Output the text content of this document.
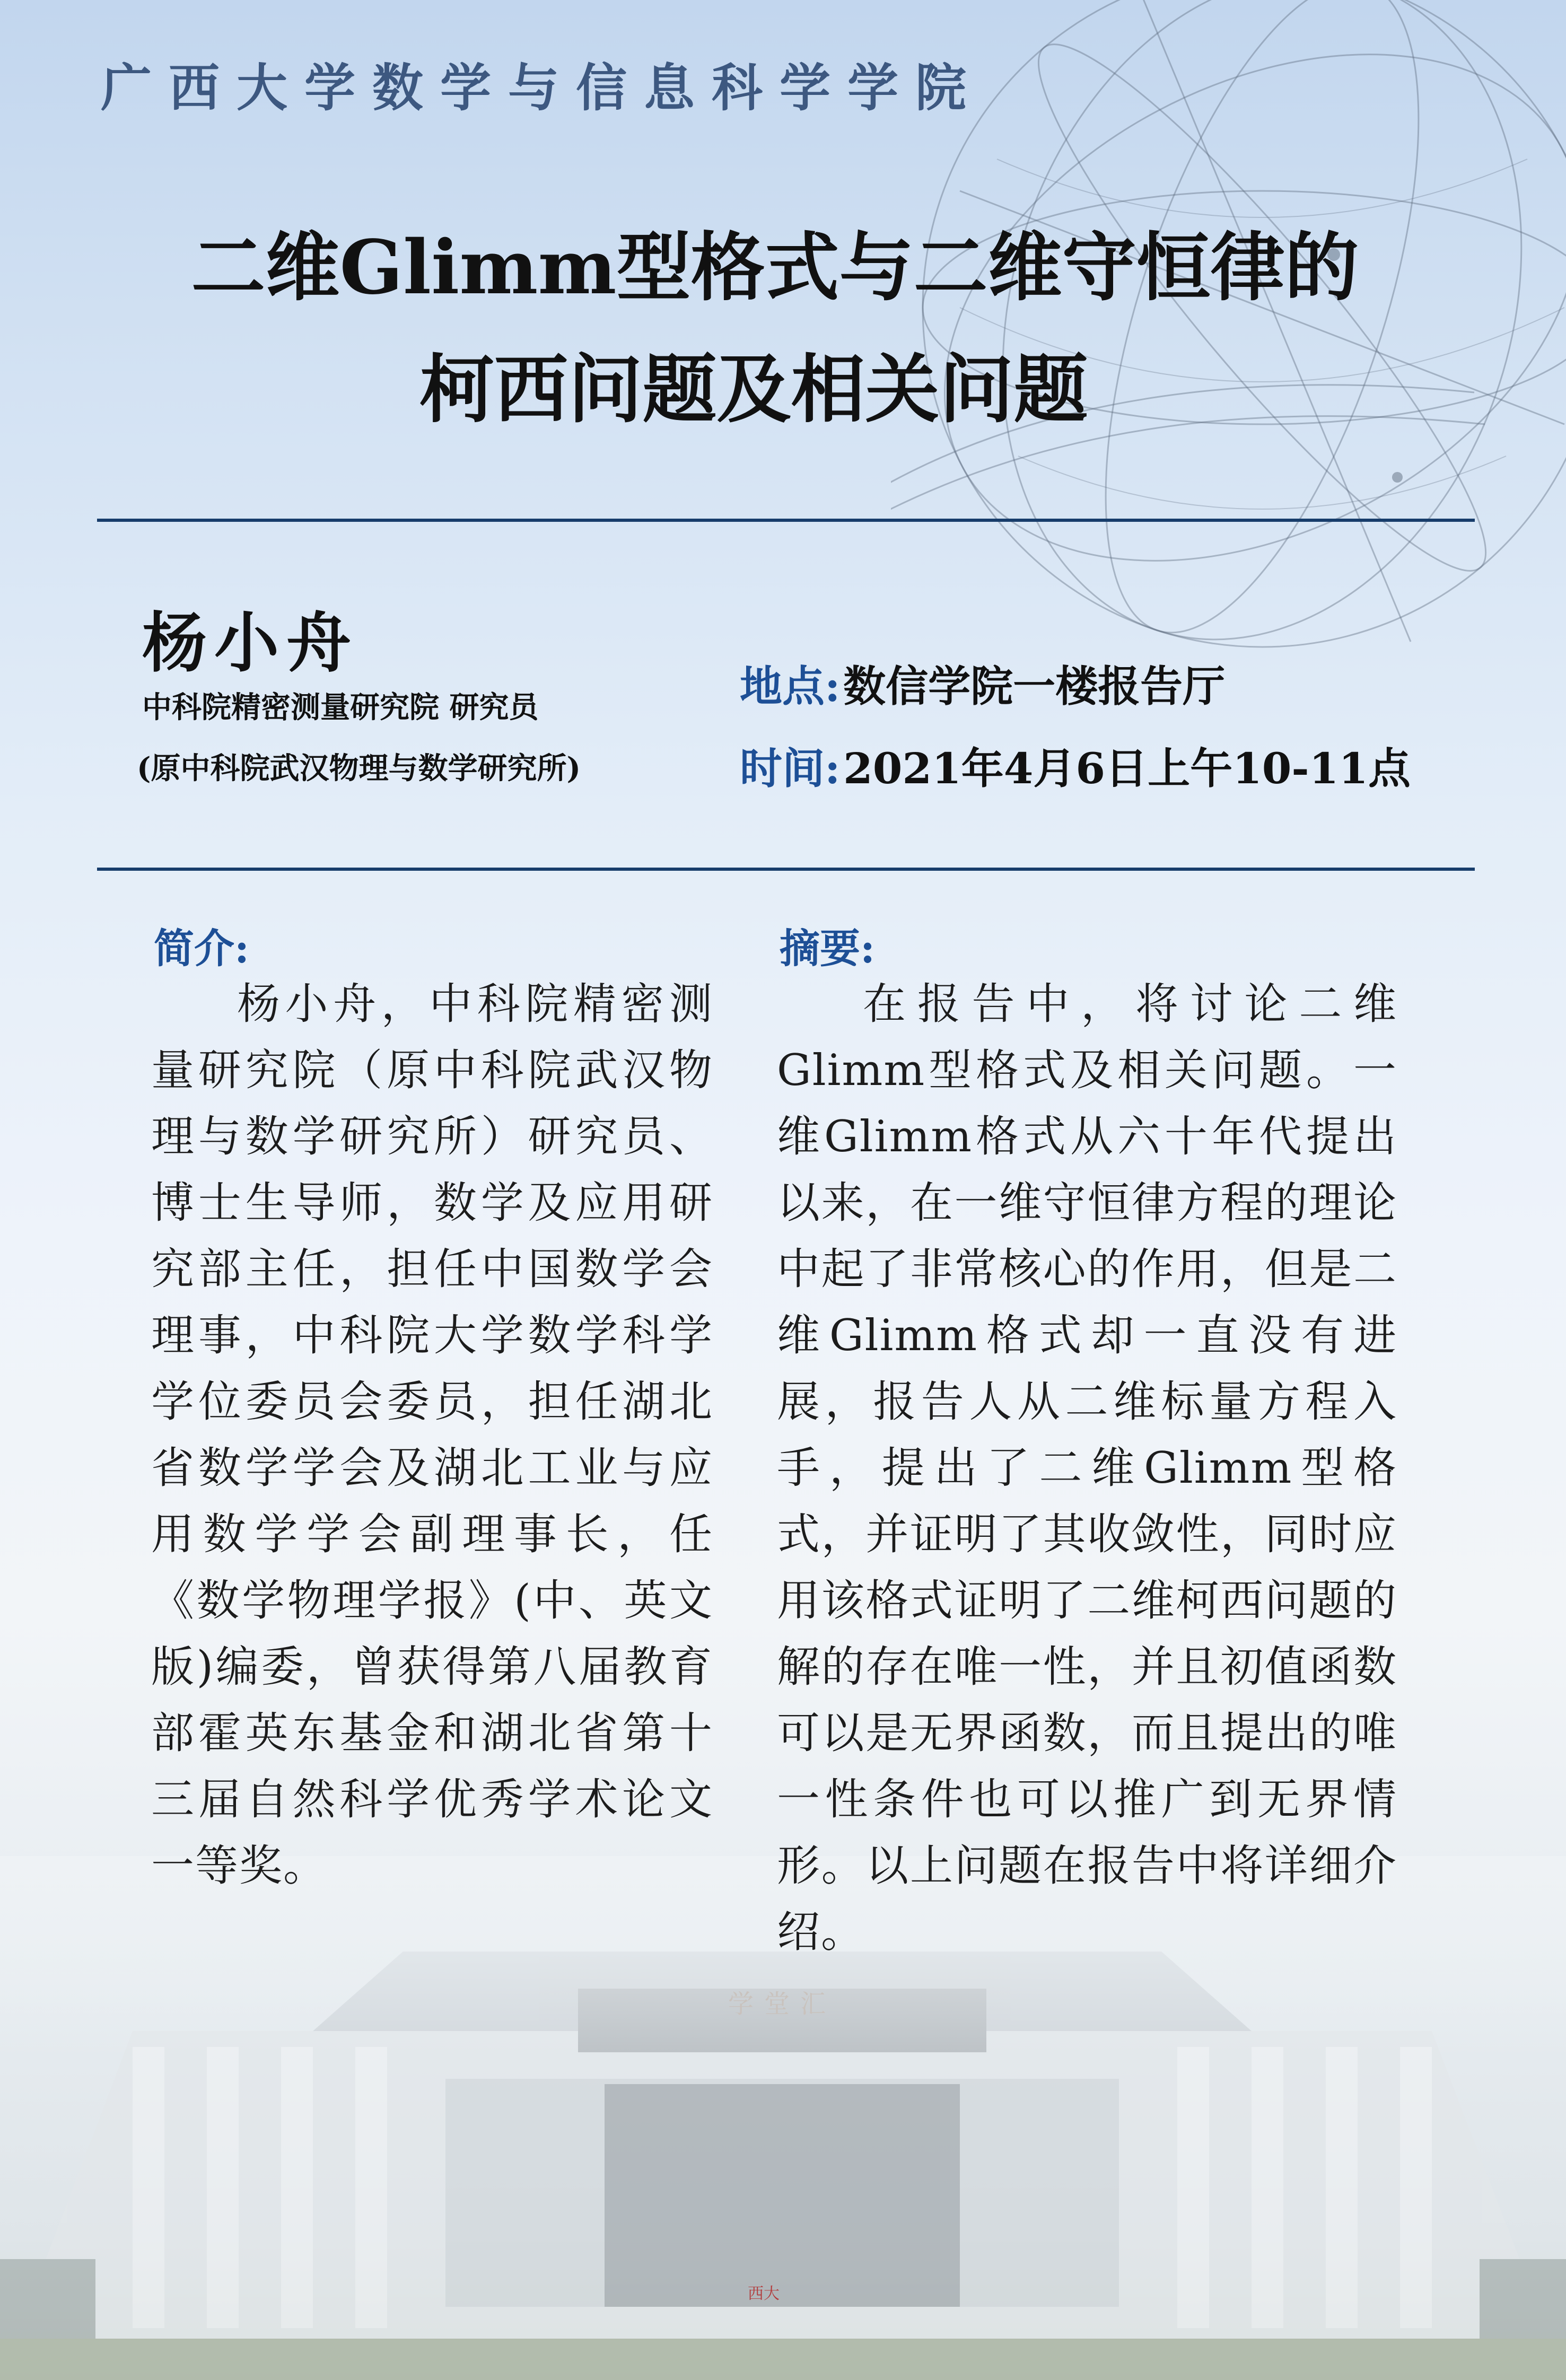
学堂汇
西大
广西大学数学与信息科学学院
二维Glimm型格式与二维守恒律的
柯西问题及相关问题
杨小舟
中科院精密测量研究院 研究员
(原中科院武汉物理与数学研究所)
地点: 数信学院一楼报告厅
时间: 2021年4月6日上午10-11点
简介:

杨小舟，中科院精密测量研究院（原中科院武汉物理与数学研究所）研究员、博士生导师，数学及应用研究部主任，担任中国数学会理事，中科院大学数学科学学位委员会委员，担任湖北省数学学会及湖北工业与应用数学学会副理事长，任《数学物理学报》(中、英文版)编委，曾获得第八届教育部霍英东基金和湖北省第十三届自然科学优秀学术论文一等奖。

摘要:

在报告中，将讨论二维Glimm型格式及相关问题。一维Glimm格式从六十年代提出以来，在一维守恒律方程的理论中起了非常核心的作用，但是二维Glimm格式却一直没有进展，报告人从二维标量方程入手，提出了二维Glimm型格式，并证明了其收敛性，同时应用该格式证明了二维柯西问题的解的存在唯一性，并且初值函数可以是无界函数，而且提出的唯一性条件也可以推广到无界情形。以上问题在报告中将详细介绍。
